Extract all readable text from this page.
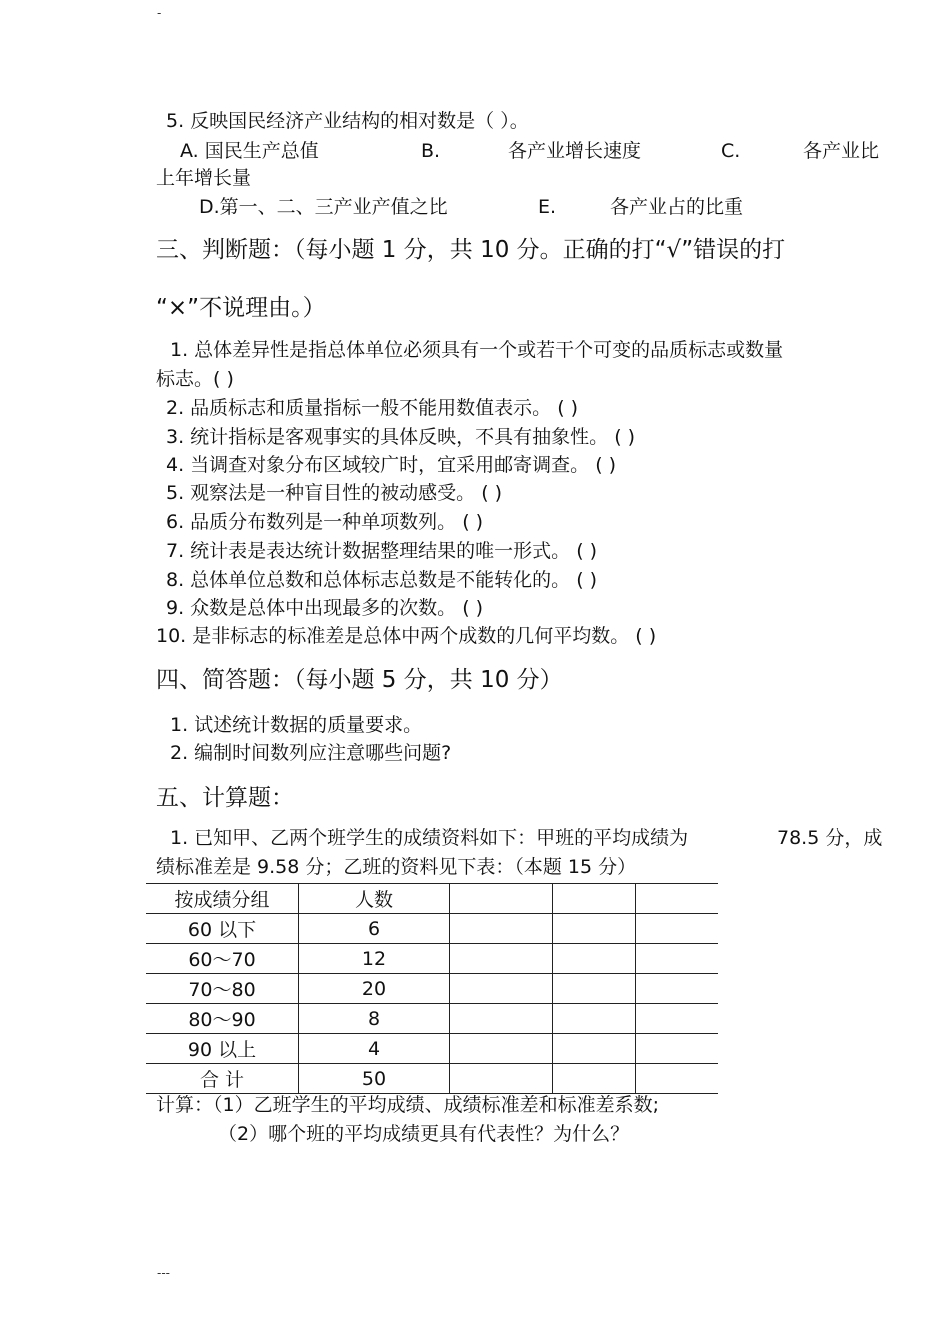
-
5. 反映国民经济产业结构的相对数是（ ）。
A. 国民生产总值	B.	各产业增长速度	C.	各产业比
上年增长量
D.第一、二、三产业产值之比	E.	各产业占的比重
三、判断题：（每小题 1 分，共 10 分。正确的打“√”错误的打
“×”不说理由。）
1. 总体差异性是指总体单位必须具有一个或若干个可变的品质标志或数量
标志。( )
2. 品质标志和质量指标一般不能用数值表示。 ( )
3. 统计指标是客观事实的具体反映，不具有抽象性。 ( )
4. 当调查对象分布区域较广时，宜采用邮寄调查。 ( )
5. 观察法是一种盲目性的被动感受。 ( )
6. 品质分布数列是一种单项数列。 ( )
7. 统计表是表达统计数据整理结果的唯一形式。 ( )
8. 总体单位总数和总体标志总数是不能转化的。 ( )
9. 众数是总体中出现最多的次数。 ( )
10. 是非标志的标准差是总体中两个成数的几何平均数。 ( )
四、简答题：（每小题 5 分，共 10 分）
1. 试述统计数据的质量要求。
2. 编制时间数列应注意哪些问题?
五、计算题：
1. 已知甲、乙两个班学生的成绩资料如下：甲班的平均成绩为	78.5 分，成
绩标准差是 9.58 分；乙班的资料见下表：（本题 15 分）
按成绩分组	人数			
60 以下	6			
60～70	12			
70～80	20			
80～90	8			
90 以上	4			
合 计	50			
计算：（1）乙班学生的平均成绩、成绩标准差和标准差系数;
（2）哪个班的平均成绩更具有代表性？为什么？
---
